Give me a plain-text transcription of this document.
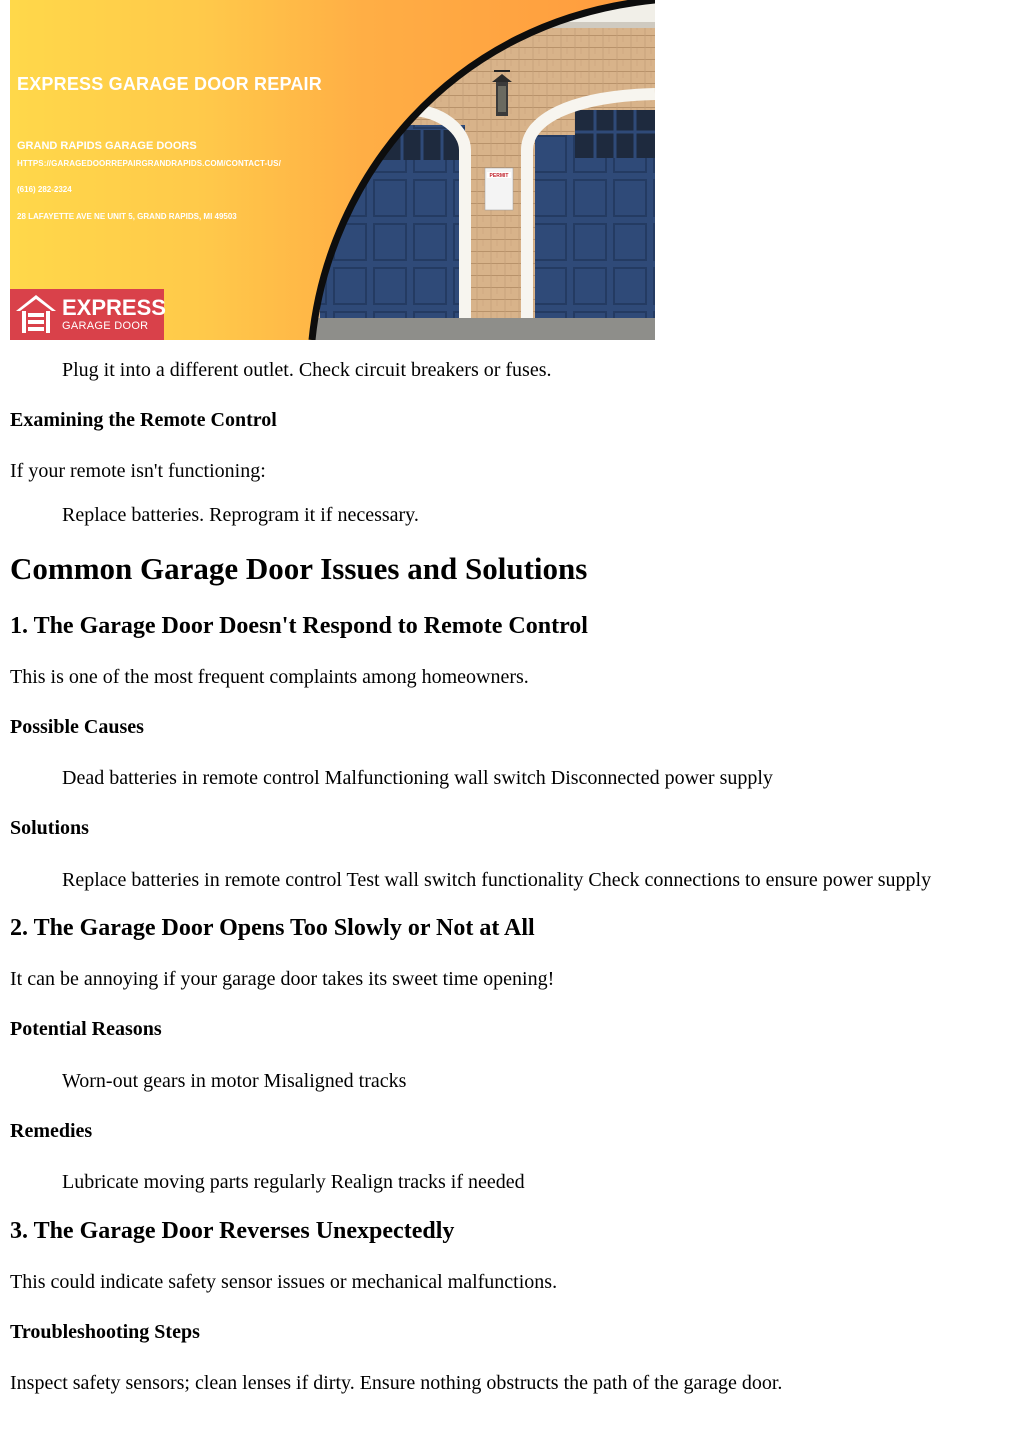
PERMIT
EXPRESS GARAGE DOOR REPAIR
GRAND RAPIDS GARAGE DOORS
HTTPS://GARAGEDOORREPAIRGRANDRAPIDS.COM/CONTACT-US/
(616) 282-2324
28 LAFAYETTE AVE NE UNIT 5, GRAND RAPIDS, MI 49503
EXPRESS
GARAGE DOOR
Plug it into a different outlet. Check circuit breakers or fuses.
Examining the Remote Control
If your remote isn't functioning:
Replace batteries. Reprogram it if necessary.
Common Garage Door Issues and Solutions
1. The Garage Door Doesn't Respond to Remote Control
This is one of the most frequent complaints among homeowners.
Possible Causes
Dead batteries in remote control Malfunctioning wall switch Disconnected power supply
Solutions
Replace batteries in remote control Test wall switch functionality Check connections to ensure power supply
2. The Garage Door Opens Too Slowly or Not at All
It can be annoying if your garage door takes its sweet time opening!
Potential Reasons
Worn-out gears in motor Misaligned tracks
Remedies
Lubricate moving parts regularly Realign tracks if needed
3. The Garage Door Reverses Unexpectedly
This could indicate safety sensor issues or mechanical malfunctions.
Troubleshooting Steps
Inspect safety sensors; clean lenses if dirty. Ensure nothing obstructs the path of the garage door.
